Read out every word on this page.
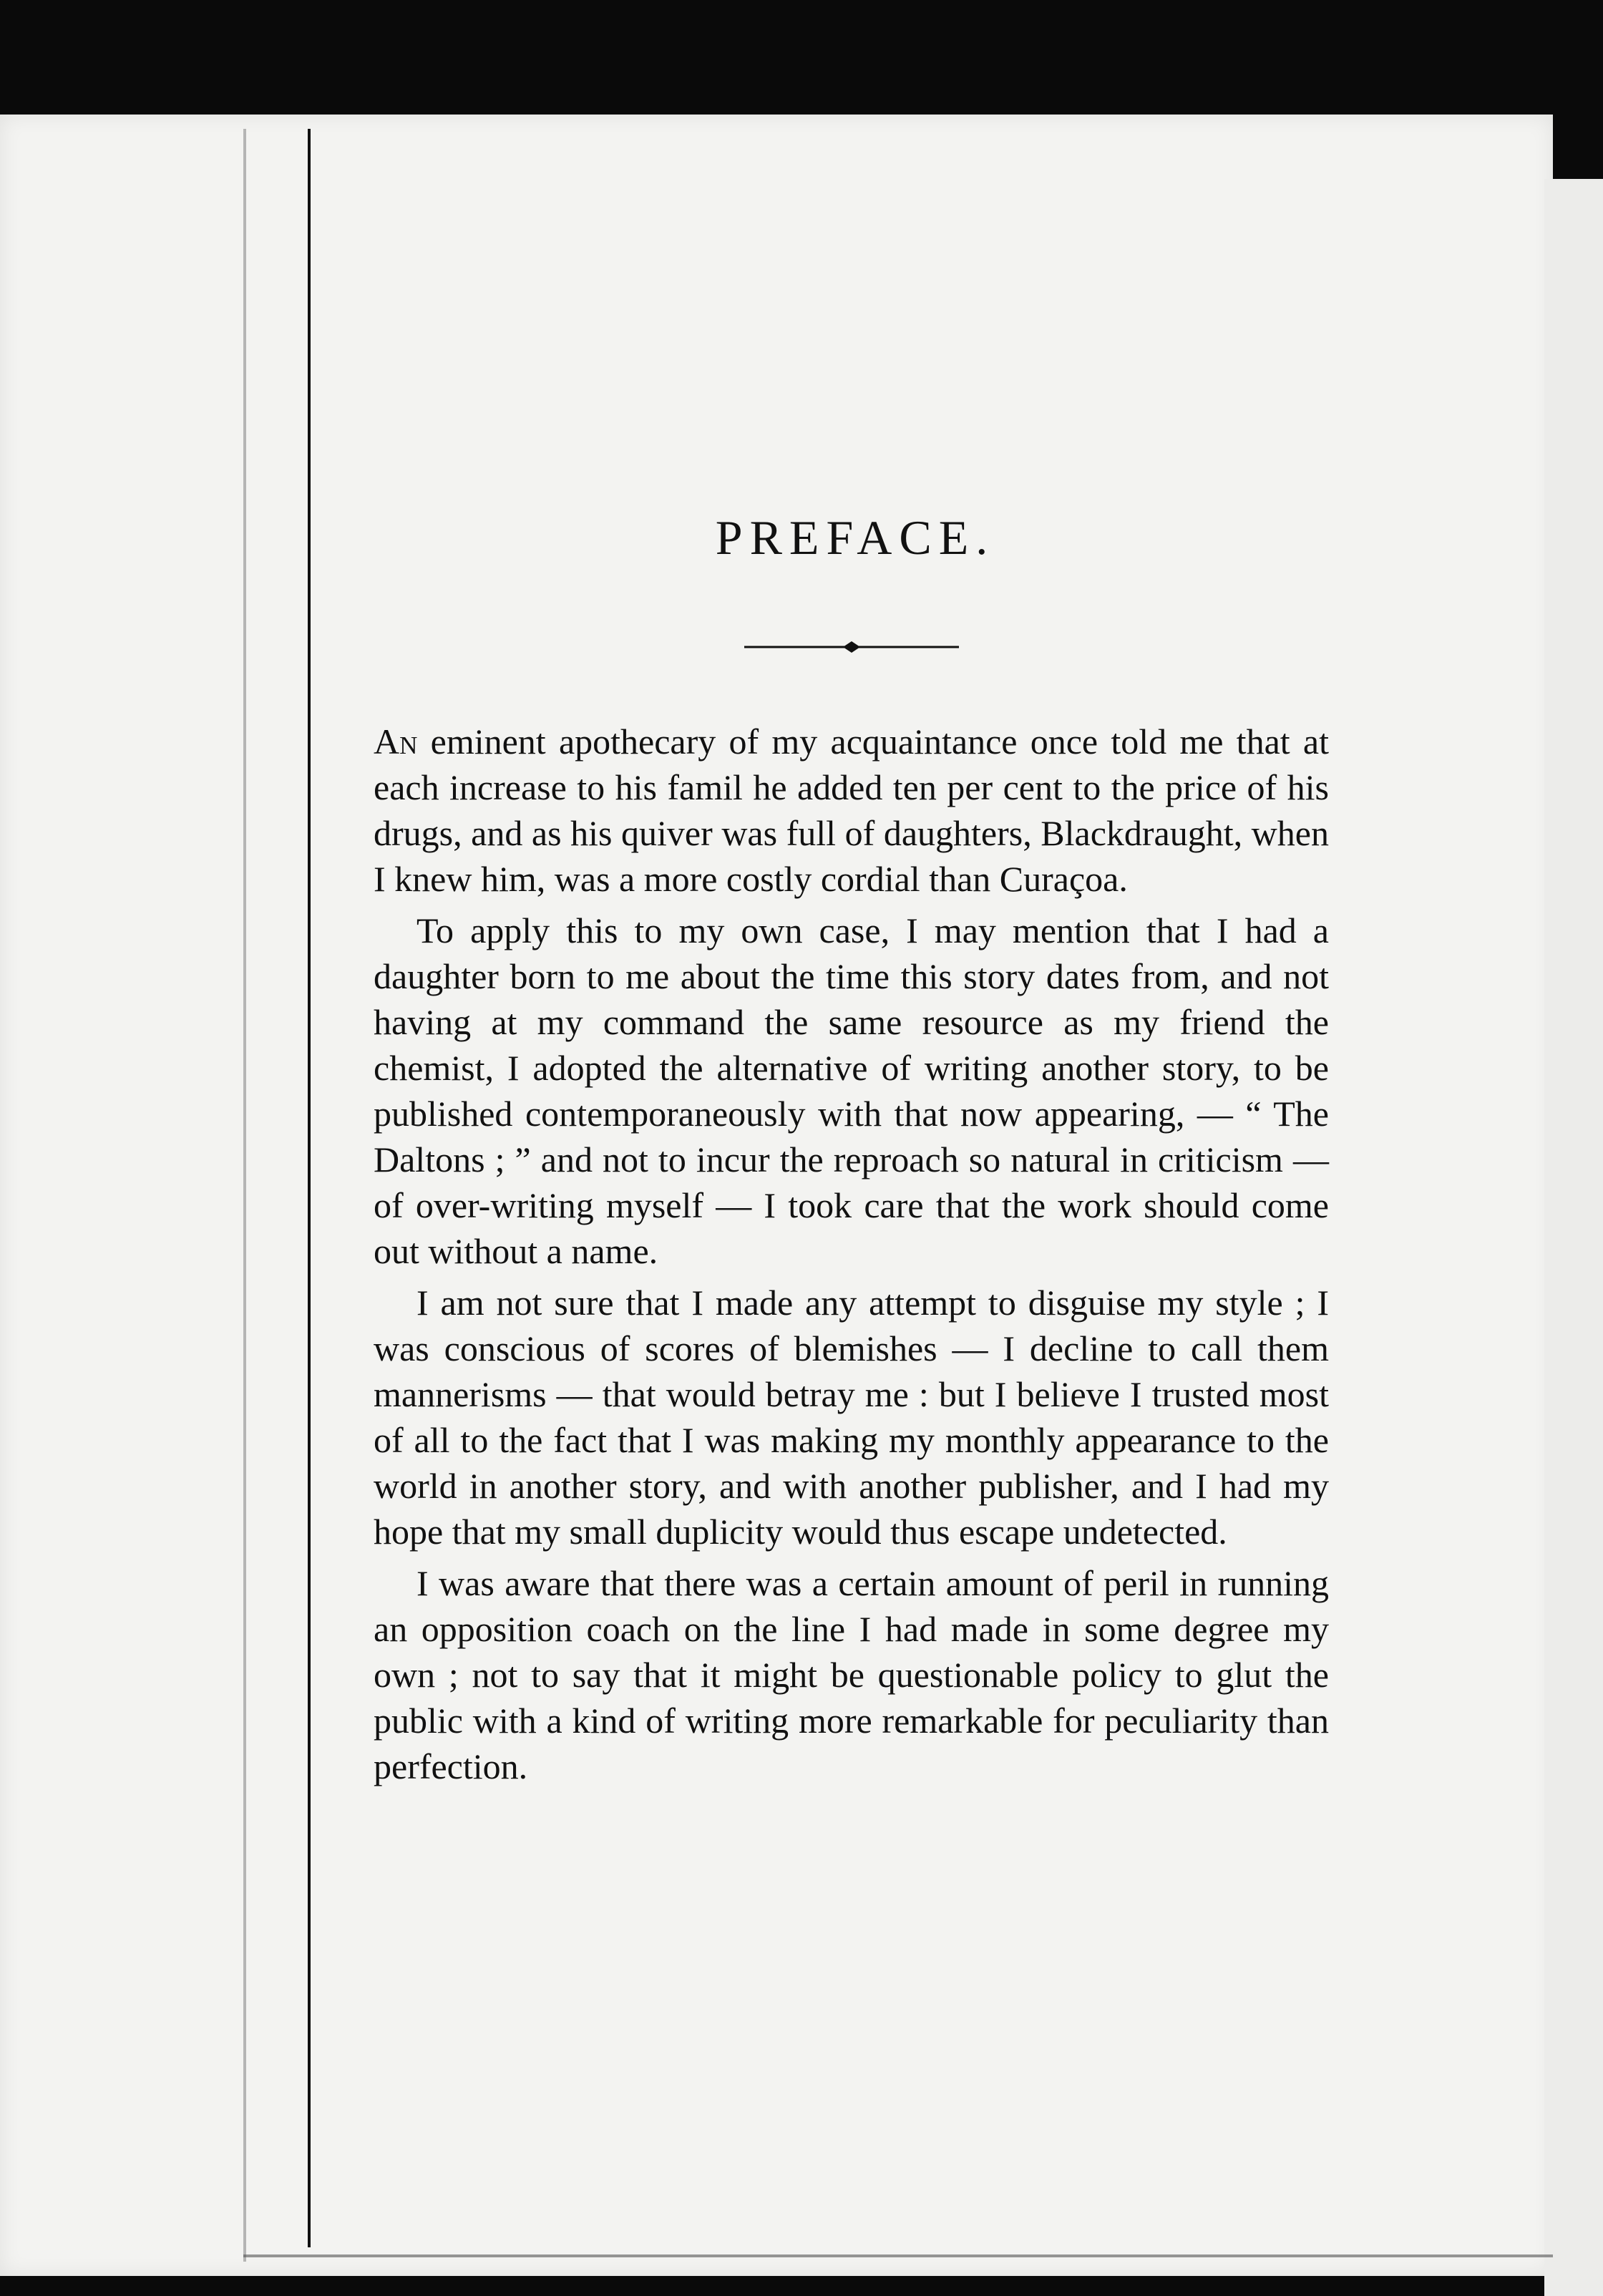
PREFACE.

An eminent apothecary of my acquaintance once told me that at each increase to his famil he added ten per cent to the price of his drugs, and as his quiver was full of daughters, Blackdraught, when I knew him, was a more costly cordial than Curaçoa.

To apply this to my own case, I may mention that I had a daughter born to me about the time this story dates from, and not having at my command the same resource as my friend the chemist, I adopted the alternative of writing another story, to be published contemporaneously with that now appearing, — “ The Daltons ; ” and not to incur the reproach so natural in criticism — of over-writing myself — I took care that the work should come out without a name.

I am not sure that I made any attempt to disguise my style ; I was conscious of scores of blemishes — I decline to call them mannerisms — that would betray me : but I believe I trusted most of all to the fact that I was making my monthly appearance to the world in another story, and with another publisher, and I had my hope that my small duplicity would thus escape undetected.

I was aware that there was a certain amount of peril in running an opposition coach on the line I had made in some degree my own ; not to say that it might be questionable policy to glut the public with a kind of writing more remarkable for peculiarity than perfection.
